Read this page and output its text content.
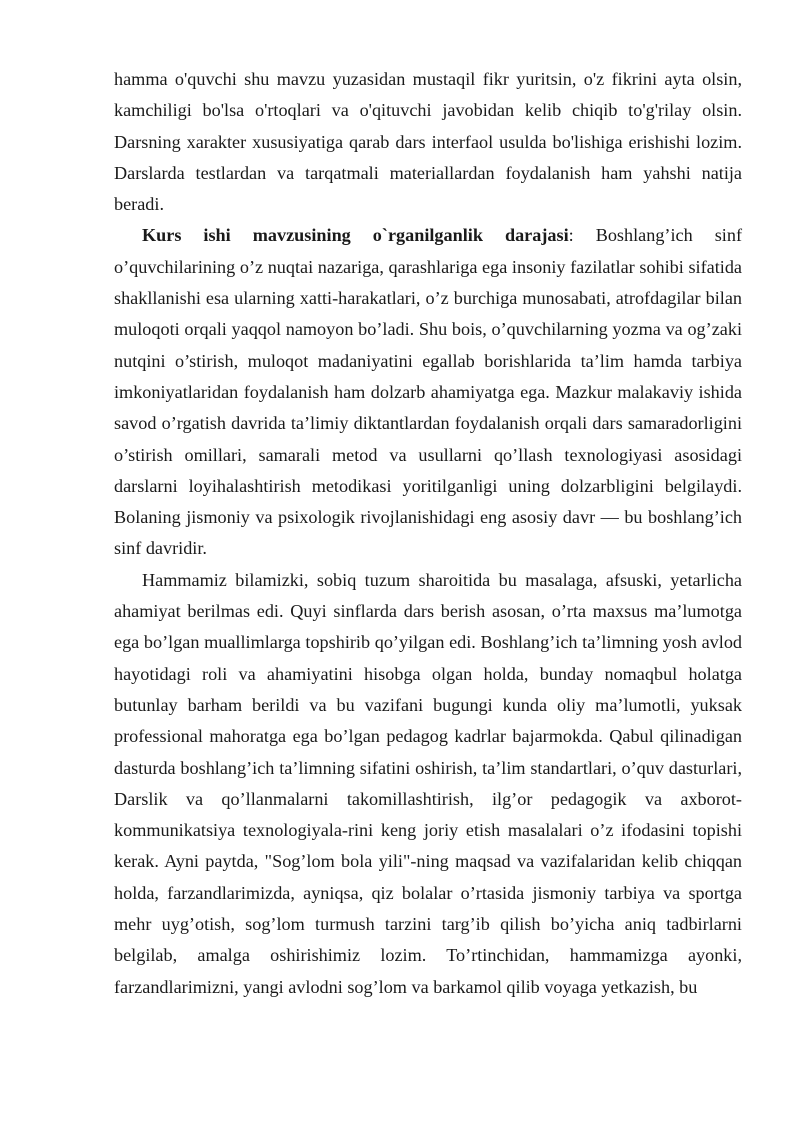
hamma o'quvchi shu mavzu yuzasidan mustaqil fikr yuritsin, o'z fikrini ayta olsin, kamchiligi bo'lsa o'rtoqlari va o'qituvchi javobidan kelib chiqib to'g'rilay olsin. Darsning xarakter xususiyatiga qarab dars interfaol usulda bo'lishiga erishishi lozim. Darslarda testlardan va tarqatmali materiallardan foydalanish ham yahshi natija beradi.

Kurs ishi mavzusining o`rganilganlik darajasi: Boshlang’ich sinf o’quvchilarining o’z nuqtai nazariga, qarashlariga ega insoniy fazilatlar sohibi sifatida shakllanishi esa ularning xatti-harakatlari, o’z burchiga munosabati, atrofdagilar bilan muloqoti orqali yaqqol namoyon bo’ladi. Shu bois, o’quvchilarning yozma va og’zaki nutqini o’stirish, muloqot madaniyatini egallab borishlarida ta’lim hamda tarbiya imkoniyatlaridan foydalanish ham dolzarb ahamiyatga ega. Mazkur malakaviy ishida savod o’rgatish davrida ta’limiy diktantlardan foydalanish orqali dars samaradorligini o’stirish omillari, samarali metod va usullarni qo’llash texnologiyasi asosidagi darslarni loyihalashtirish metodikasi yoritilganligi uning dolzarbligini belgilaydi. Bolaning jismoniy va psixologik rivojlanishidagi eng asosiy davr — bu boshlang’ich sinf davridir.

Hammamiz bilamizki, sobiq tuzum sharoitida bu masalaga, afsuski, yetarlicha ahamiyat berilmas edi. Quyi sinflarda dars berish asosan, o’rta maxsus ma’lumotga ega bo’lgan muallimlarga topshirib qo’yilgan edi. Boshlang’ich ta’limning yosh avlod hayotidagi roli va ahamiyatini hisobga olgan holda, bunday nomaqbul holatga butunlay barham berildi va bu vazifani bugungi kunda oliy ma’lumotli, yuksak professional mahoratga ega bo’lgan pedagog kadrlar bajarmokda. Qabul qilinadigan dasturda boshlang’ich ta’limning sifatini oshirish, ta’lim standartlari, o’quv dasturlari, Darslik va qo’llanmalarni takomillashtirish, ilg’or pedagogik va axborot-kommunikatsiya texnologiyala-rini keng joriy etish masalalari o’z ifodasini topishi kerak. Ayni paytda, "Sog’lom bola yili"-ning maqsad va vazifalaridan kelib chiqqan holda, farzandlarimizda, ayniqsa, qiz bolalar o’rtasida jismoniy tarbiya va sportga mehr uyg’otish, sog’lom turmush tarzini targ’ib qilish bo’yicha aniq tadbirlarni belgilab, amalga oshirishimiz lozim. To’rtinchidan, hammamizga ayonki, farzandlarimizni, yangi avlodni sog’lom va barkamol qilib voyaga yetkazish, bu
